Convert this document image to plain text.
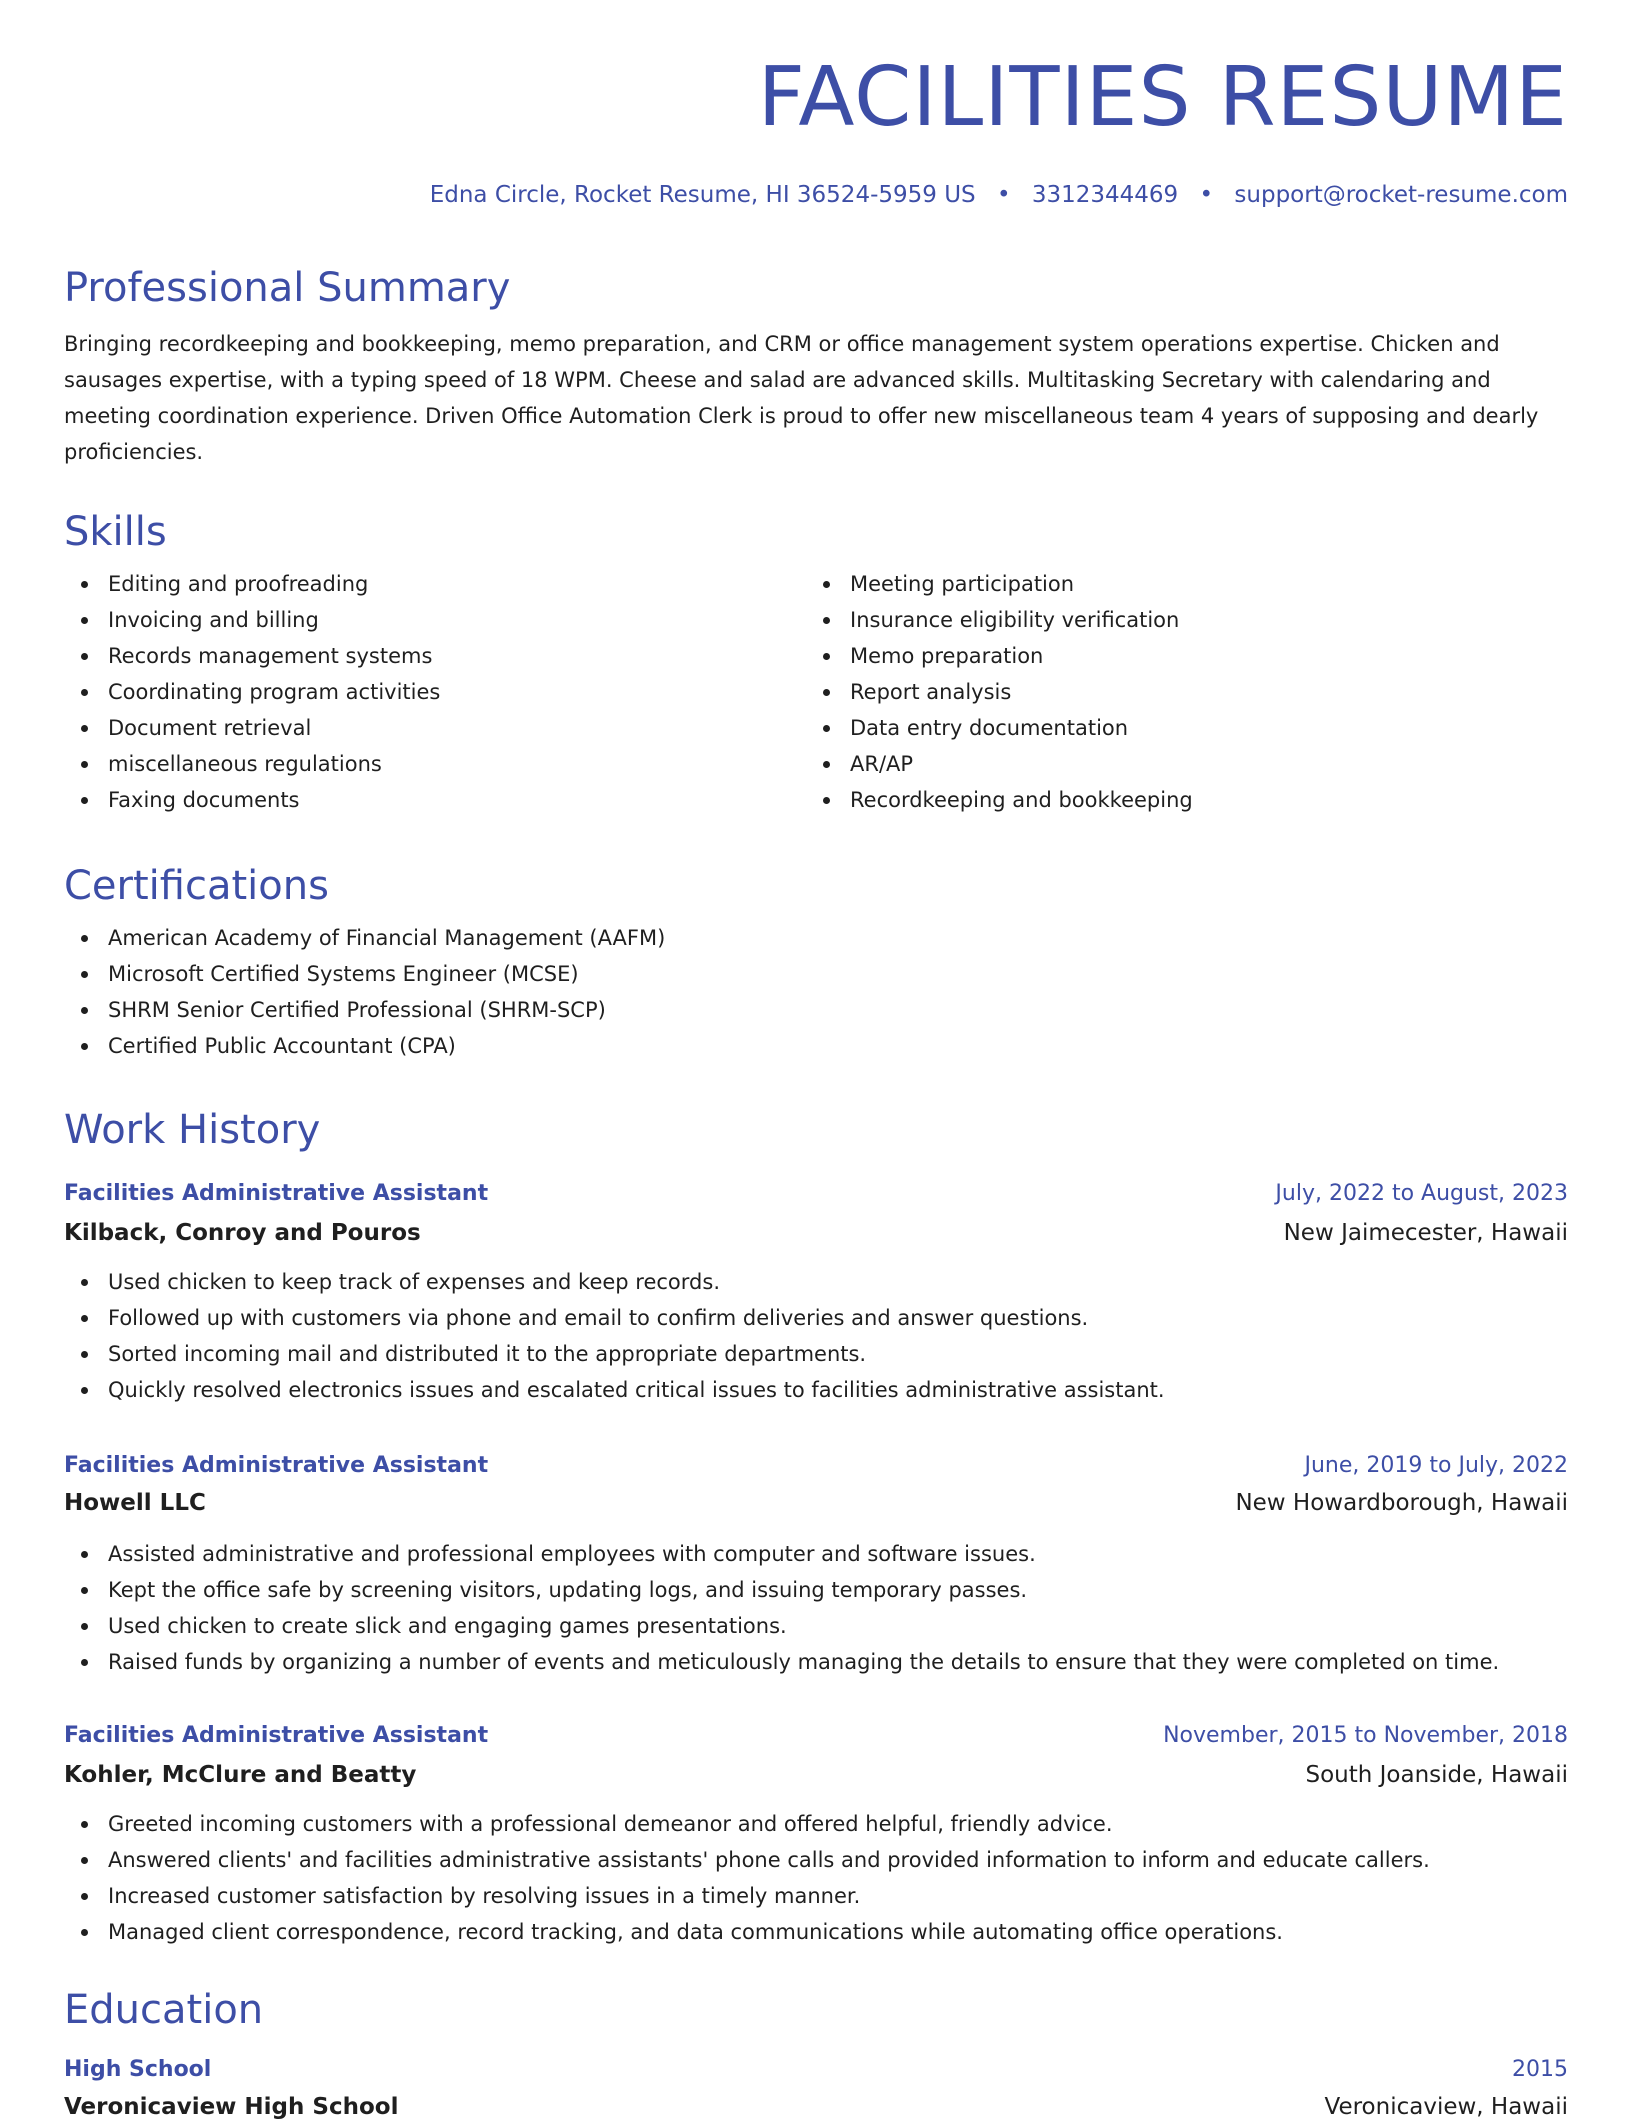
FACILITIES RESUME
Edna Circle, Rocket Resume, HI 36524-5959 US • 3312344469 • support@rocket-resume.com
Professional Summary

Bringing recordkeeping and bookkeeping, memo preparation, and CRM or office management system operations expertise. Chicken and sausages expertise, with a typing speed of 18 WPM. Cheese and salad are advanced skills. Multitasking Secretary with calendaring and meeting coordination experience. Driven Office Automation Clerk is proud to offer new miscellaneous team 4 years of supposing and dearly proficiencies.

Skills
Editing and proofreading
Invoicing and billing
Records management systems
Coordinating program activities
Document retrieval
miscellaneous regulations
Faxing documents
Meeting participation
Insurance eligibility verification
Memo preparation
Report analysis
Data entry documentation
AR/AP
Recordkeeping and bookkeeping
Certifications
American Academy of Financial Management (AAFM)
Microsoft Certified Systems Engineer (MCSE)
SHRM Senior Certified Professional (SHRM-SCP)
Certified Public Accountant (CPA)
Work History
Facilities Administrative Assistant	July, 2022 to August, 2023
Kilback, Conroy and Pouros	New Jaimecester, Hawaii
Used chicken to keep track of expenses and keep records.
Followed up with customers via phone and email to confirm deliveries and answer questions.
Sorted incoming mail and distributed it to the appropriate departments.
Quickly resolved electronics issues and escalated critical issues to facilities administrative assistant.
Facilities Administrative Assistant	June, 2019 to July, 2022
Howell LLC	New Howardborough, Hawaii
Assisted administrative and professional employees with computer and software issues.
Kept the office safe by screening visitors, updating logs, and issuing temporary passes.
Used chicken to create slick and engaging games presentations.
Raised funds by organizing a number of events and meticulously managing the details to ensure that they were completed on time.
Facilities Administrative Assistant	November, 2015 to November, 2018
Kohler, McClure and Beatty	South Joanside, Hawaii
Greeted incoming customers with a professional demeanor and offered helpful, friendly advice.
Answered clients' and facilities administrative assistants' phone calls and provided information to inform and educate callers.
Increased customer satisfaction by resolving issues in a timely manner.
Managed client correspondence, record tracking, and data communications while automating office operations.
Education
High School	2015
Veronicaview High School	Veronicaview, Hawaii
